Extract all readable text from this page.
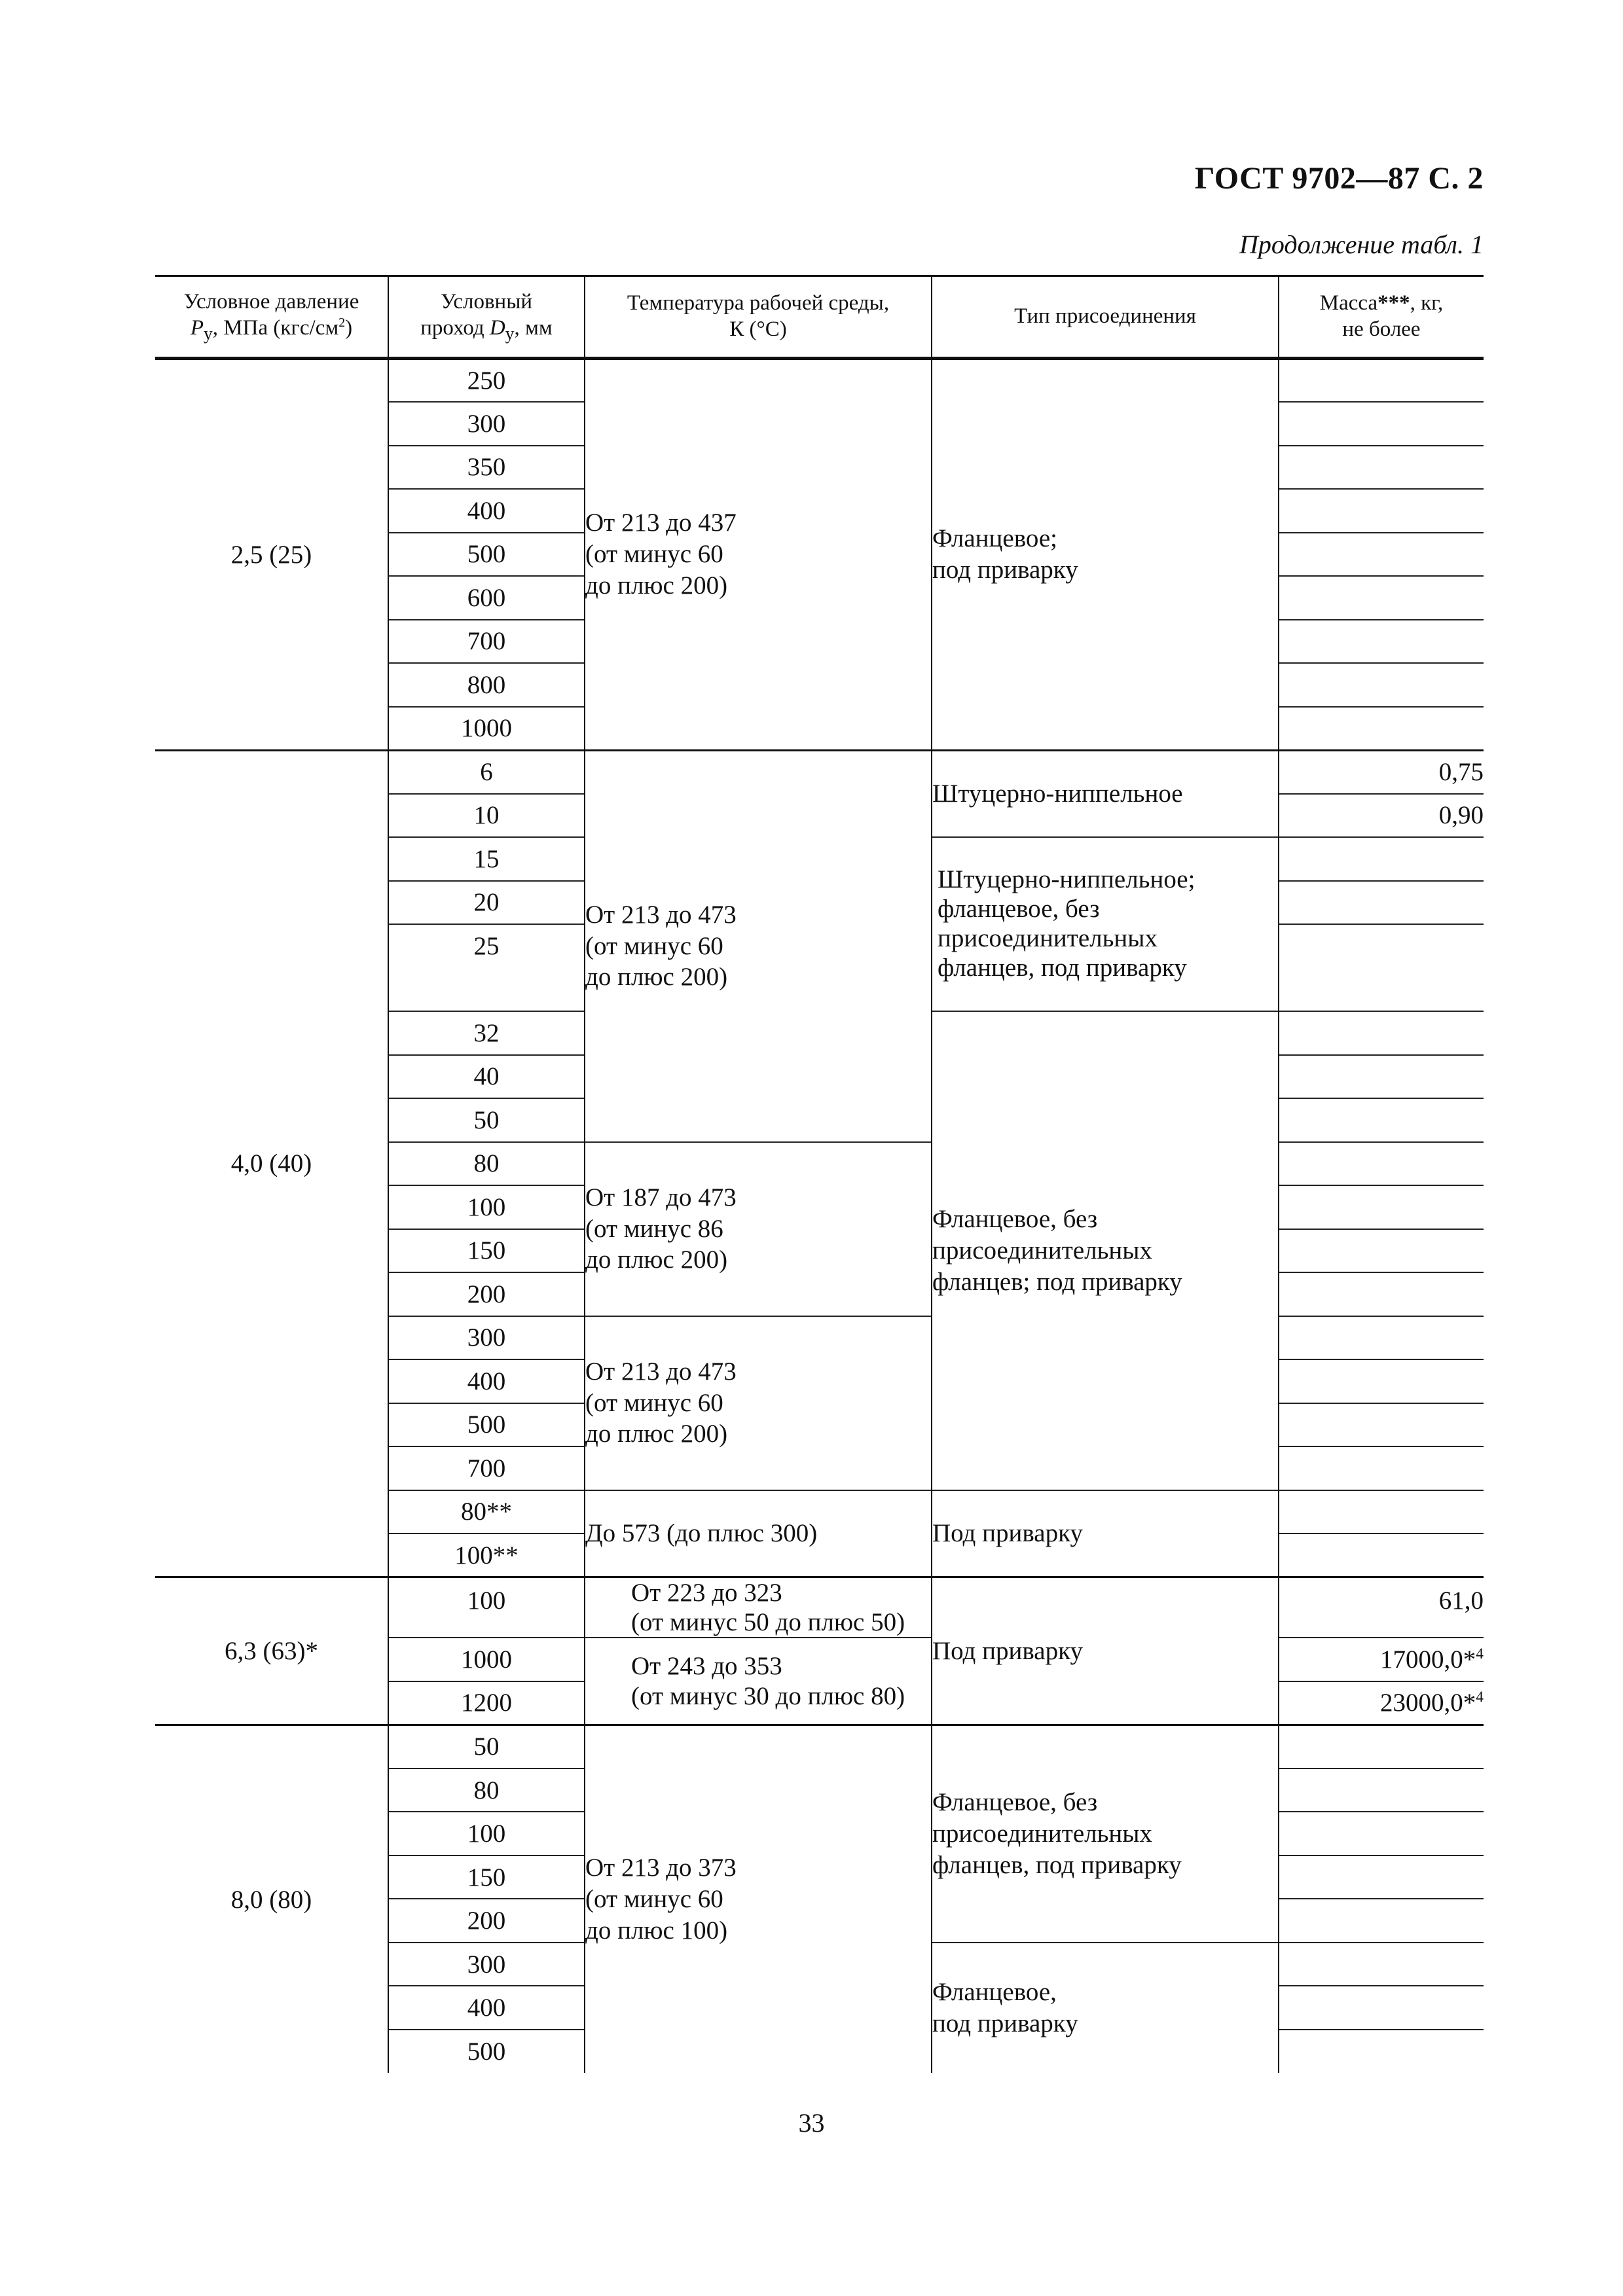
ГОСТ 9702—87 С. 2
Продолжение табл. 1
Условное давление
$P_у$, МПа $(кгс/см^2)$	Условный
проход $D_у$, мм	Температура рабочей среды,
К (°С)	Тип присоединения	Масса***, кг,
не более
2,5 (25)	250	От 213 до 437
(от минус 60
до плюс 200)	Фланцевое;
под приварку	
	300			
	350			
	400			
	500			
	600			
	700			
	800			
	1000			
4,0 (40)	6	От 213 до 473
(от минус 60
до плюс 200)	Штуцерно-ниппельное	0,75
	10			0,90
	15		Штуцерно-ниппельное;
фланцевое, без
присоединительных
фланцев, под приварку	
	20			
	25			

	32		Фланцевое, без
присоединительных
фланцев; под приварку	
	40			
	50			
	80	От 187 до 473
(от минус 86
до плюс 200)		
	100			
	150			
	200			
	300	От 213 до 473
(от минус 60
до плюс 200)		
	400			
	500			
	700			
	80**	До 573 (до плюс 300)	Под приварку	
	100**			
6,3 (63)*	100	От 223 до 323
(от минус 50 до плюс 50)	Под приварку	61,0
	1000	От 243 до 353
(от минус 30 до плюс 80)		17000,0*$^4$
	1200			23000,0*$^4$
8,0 (80)	50	От 213 до 373
(от минус 60
до плюс 100)	Фланцевое, без
присоединительных
фланцев, под приварку	
	80			
	100			
	150			
	200			
	300		Фланцевое,
под приварку	
	400			
	500			
33
